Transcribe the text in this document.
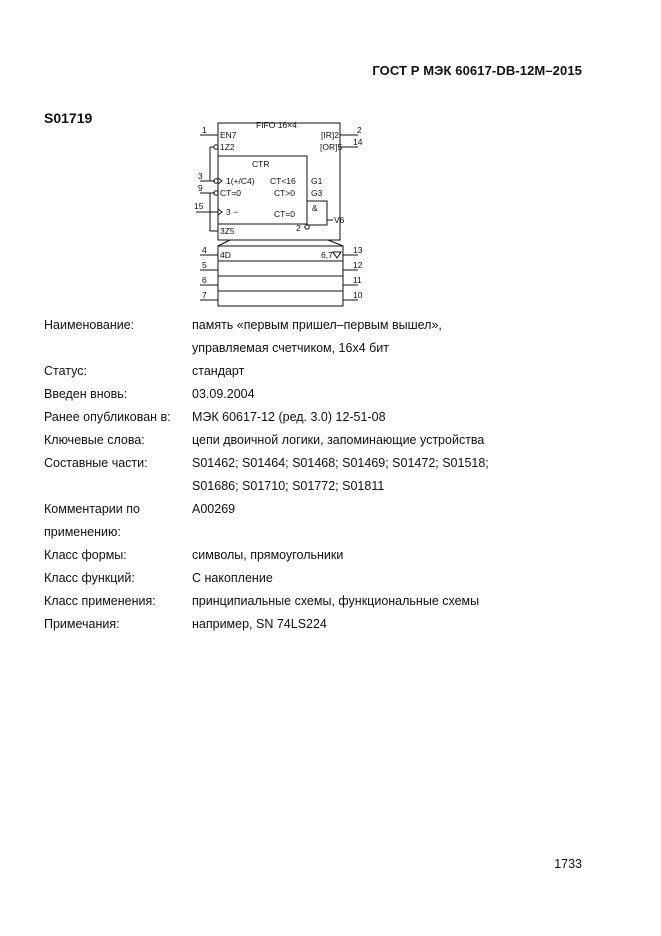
ГОСТ Р МЭК 60617-DB-12M–2015
S01719	FIFO 16×4
EN7
1Z2
[IR]2
[OR]5
CTR
1(+/C4) CT<16 G1
CT=0	CT>0 G3
3 −	CT=0
&
V6
2
3Z5
4D	6,7
1
3
9
15
4
5
6
7
2
14
13
12
11
10
Наименование:	память «первым пришел–первым вышел»,
управляемая счетчиком, 16х4 бит
Статус:	стандарт
Введен вновь:	03.09.2004
Ранее опубликован в:	МЭК 60617-12 (ред. 3.0) 12-51-08
Ключевые слова:	цепи двоичной логики, запоминающие устройства
Составные части:	S01462; S01464; S01468; S01469; S01472; S01518;
S01686; S01710; S01772; S01811
Комментарии по	A00269
применению:
Класс формы:	символы, прямоугольники
Класс функций:	С накопление
Класс применения:	принципиальные схемы, функциональные схемы
Примечания:	например, SN 74LS224
1733
